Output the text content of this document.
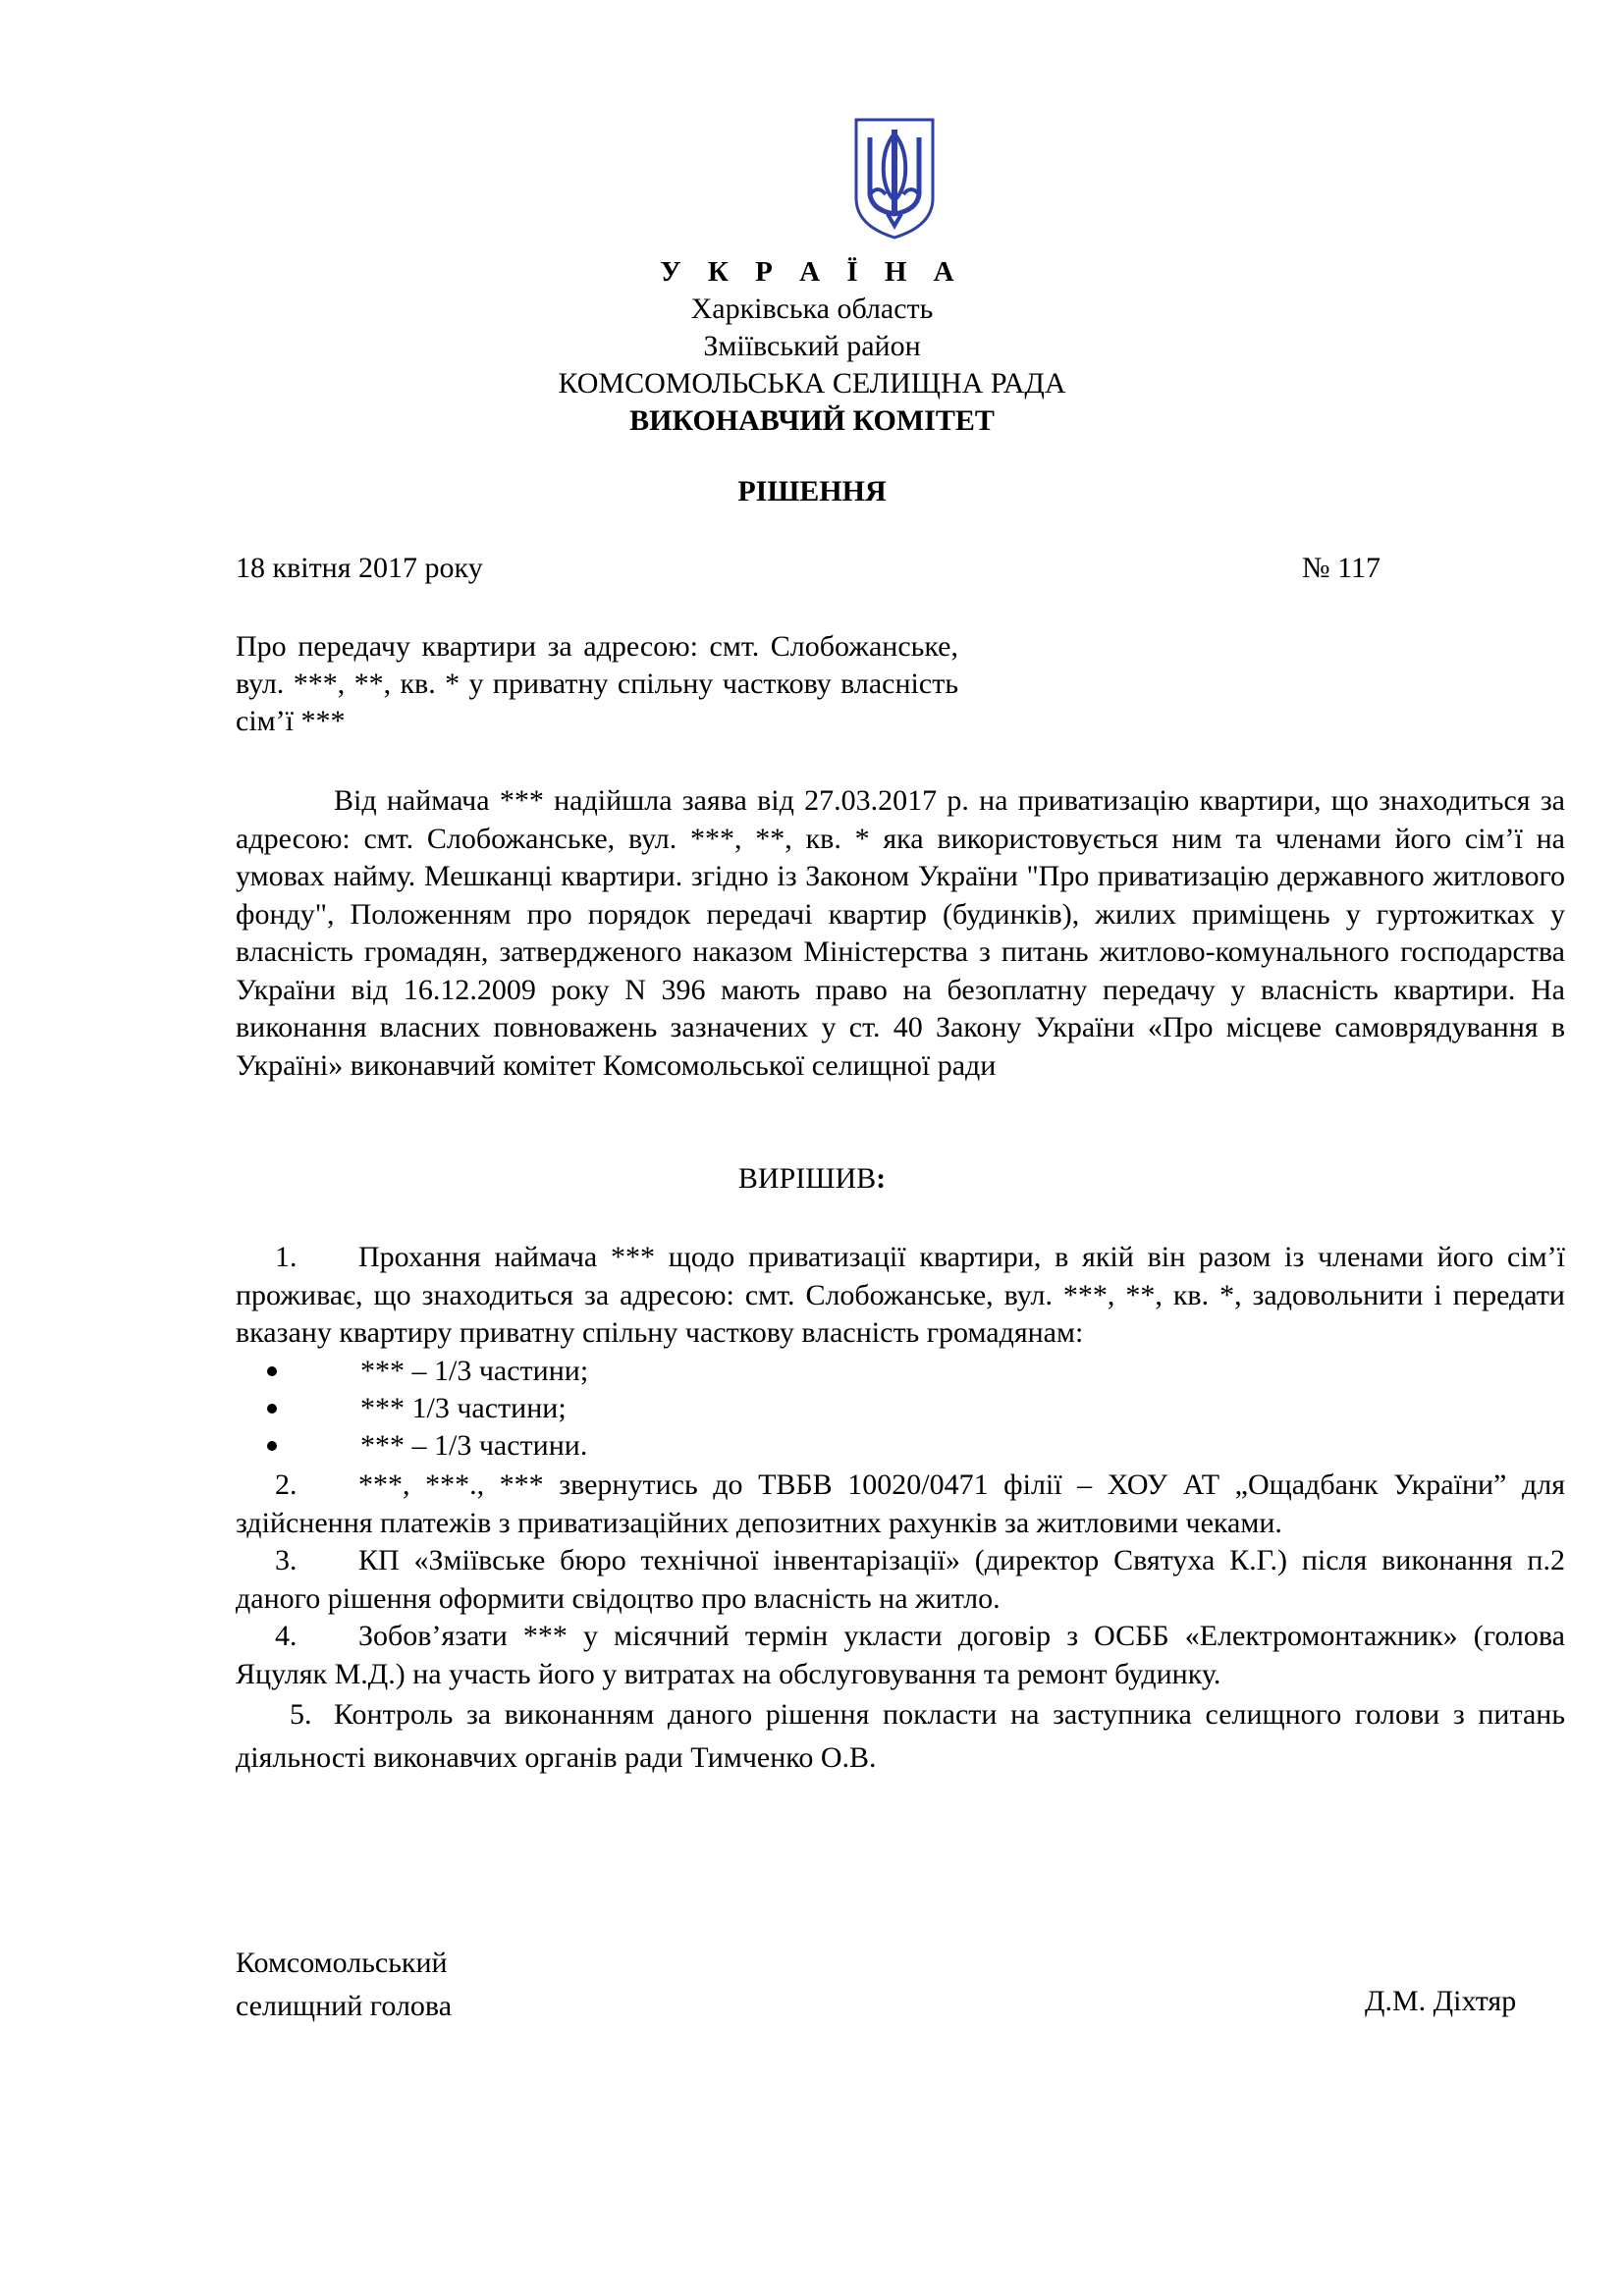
У К Р А Ї Н А
Харківська область
Зміївський район
КОМСОМОЛЬСЬКА СЕЛИЩНА РАДА
ВИКОНАВЧИЙ КОМІТЕТ
РІШЕННЯ
18 квітня 2017 року	№ 117
Про передачу квартири за адресою: смт. Слобожанське, вул. ***, **, кв. * у приватну спільну часткову власність сім’ї ***
Від наймача *** надійшла заява від 27.03.2017 р. на приватизацію квартири, що знаходиться за адресою: смт. Слобожанське, вул. ***, **, кв. * яка використовується ним та членами його сім’ї на умовах найму. Мешканці квартири. згідно із Законом України "Про приватизацію державного житлового фонду", Положенням про порядок передачі квартир (будинків), жилих приміщень у гуртожитках у власність громадян, затвердженого наказом Міністерства з питань житлово-комунального господарства України від 16.12.2009 року N 396 мають право на безоплатну передачу у власність квартири. На виконання власних повноважень зазначених у ст. 40 Закону України «Про місцеве самоврядування в Україні» виконавчий комітет Комсомольської селищної ради
ВИРІШИВ:
1.	Прохання наймача *** щодо приватизації квартири, в якій він разом із членами його сім’ї проживає, що знаходиться за адресою: смт. Слобожанське, вул. ***, **, кв. *, задовольнити і передати вказану квартиру приватну спільну часткову власність громадянам:
*** – 1/3 частини;
*** 1/3 частини;
*** – 1/3 частини.
2.	***, ***., *** звернутись до ТВБВ 10020/0471 філії – ХОУ АТ „Ощадбанк України” для здійснення платежів з приватизаційних депозитних рахунків за житловими чеками.
3.	КП «Зміївське бюро технічної інвентарізації» (директор Святуха К.Г.) після виконання п.2 даного рішення оформити свідоцтво про власність на житло.
4.	Зобов’язати *** у місячний термін укласти договір з ОСББ «Електромонтажник» (голова Яцуляк М.Д.) на участь його у витратах на обслуговування та ремонт будинку.
5. Контроль за виконанням даного рішення покласти на заступника селищного голови з питань діяльності виконавчих органів ради Тимченко О.В.
Комсомольський
селищний голова	Д.М. Діхтяр
